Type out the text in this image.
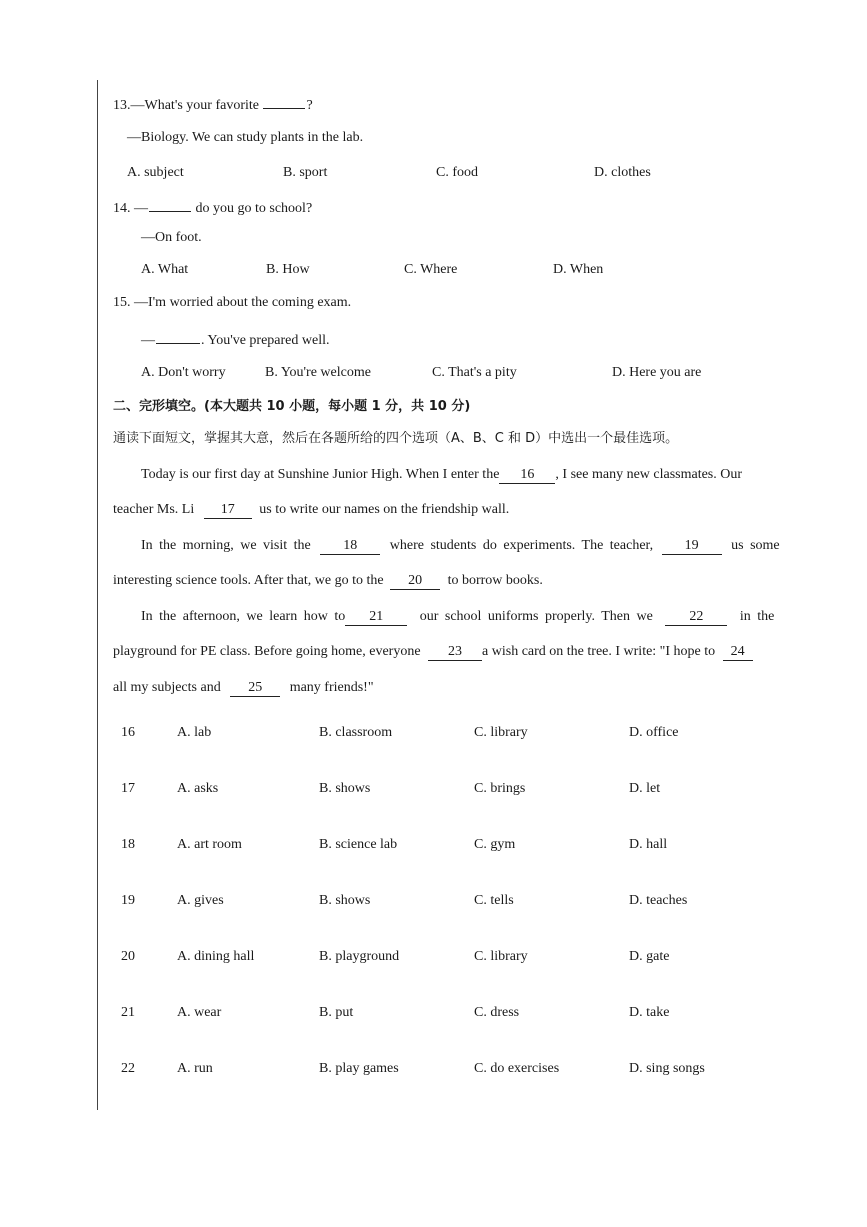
13.—What's your favorite	?
—Biology. We can study plants in the lab.
A. subject	B. sport	C. food	D. clothes
14. —	do you go to school?
—On foot.
A. What	B. How	C. Where	D. When
15. —I'm worried about the coming exam.
—	. You've prepared well.
A. Don't worry	B. You're welcome	C. That's a pity	D. Here you are
二、完形填空。(本大题共 10 小题，每小题 1 分，共 10 分)
通读下面短文，掌握其大意，然后在各题所给的四个选项（A、B、C 和 D）中选出一个最佳选项。
Today is our first day at Sunshine Junior High. When I enter the 16 , I see many new classmates. Our
teacher Ms. Li 17 us to write our names on the friendship wall.
In the morning, we visit the 18 where students do experiments. The teacher, 19 us some
interesting science tools. After that, we go to the 20 to borrow books.
In the afternoon, we learn how to 21	our school uniforms properly. Then we	22	in the
playground for PE class. Before going home, everyone 23 a wish card on the tree. I write: "I hope to 24
all my subjects and 25 many friends!"
16	A. lab	B. classroom	C. library	D. office
17	A. asks	B. shows	C. brings	D. let
18	A. art room	B. science lab	C. gym	D. hall
19	A. gives	B. shows	C. tells	D. teaches
20	A. dining hall	B. playground	C. library	D. gate
21	A. wear	B. put	C. dress	D. take
22	A. run	B. play games	C. do exercises	D. sing songs
